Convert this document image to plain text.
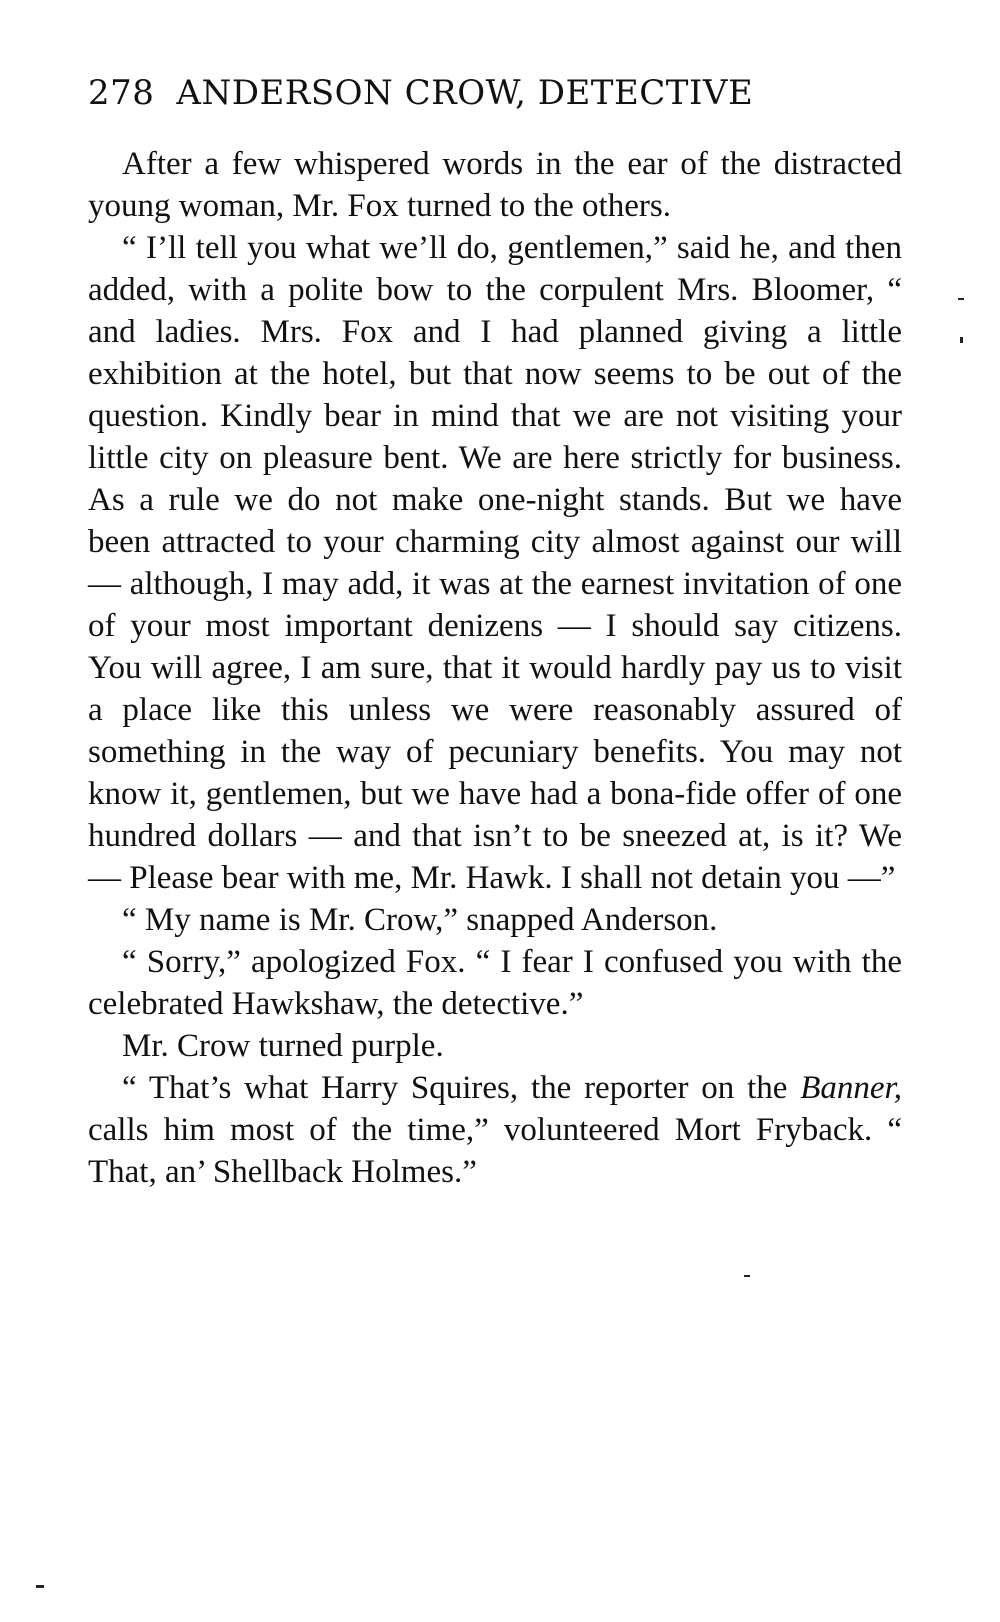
278 ANDERSON CROW, DETECTIVE

After a few whispered words in the ear of the distracted young woman, Mr. Fox turned to the others.

“ I’ll tell you what we’ll do, gentlemen,” said he, and then added, with a polite bow to the corpulent Mrs. Bloomer, “ and ladies. Mrs. Fox and I had planned giving a little exhibition at the hotel, but that now seems to be out of the question. Kindly bear in mind that we are not visiting your little city on pleasure bent. We are here strictly for business. As a rule we do not make one-night stands. But we have been attracted to your charming city almost against our will — although, I may add, it was at the earnest invitation of one of your most important denizens — I should say citizens. You will agree, I am sure, that it would hardly pay us to visit a place like this unless we were reasonably assured of something in the way of pecuniary benefits. You may not know it, gentlemen, but we have had a bona-fide offer of one hundred dollars — and that isn’t to be sneezed at, is it? We — Please bear with me, Mr. Hawk. I shall not detain you —”

“ My name is Mr. Crow,” snapped Anderson.

“ Sorry,” apologized Fox. “ I fear I confused you with the celebrated Hawkshaw, the detective.”

Mr. Crow turned purple.

“ That’s what Harry Squires, the reporter on the Banner, calls him most of the time,” volunteered Mort Fryback. “ That, an’ Shellback Holmes.”
